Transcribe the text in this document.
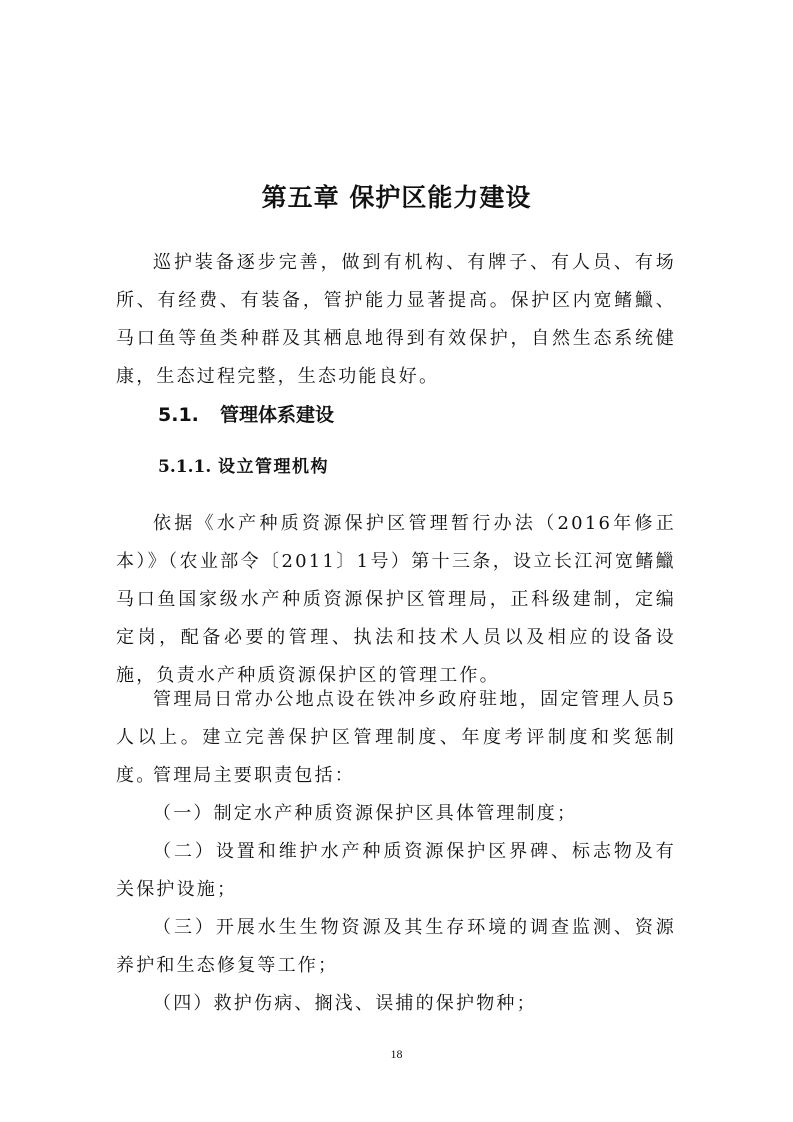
第五章 保护区能力建设

巡护装备逐步完善，做到有机构、有牌子、有人员、有场所、有经费、有装备，管护能力显著提高。保护区内宽鳍鱲、马口鱼等鱼类种群及其栖息地得到有效保护，自然生态系统健康，生态过程完整，生态功能良好。

5.1. 管理体系建设
5.1.1. 设立管理机构

依据《水产种质资源保护区管理暂行办法（2016年修正本）》（农业部令〔2011〕1号）第十三条，设立长江河宽鳍鱲马口鱼国家级水产种质资源保护区管理局，正科级建制，定编定岗，配备必要的管理、执法和技术人员以及相应的设备设施，负责水产种质资源保护区的管理工作。

管理局日常办公地点设在铁冲乡政府驻地，固定管理人员5人以上。建立完善保护区管理制度、年度考评制度和奖惩制度。

管理局主要职责包括：

（一）制定水产种质资源保护区具体管理制度；

（二）设置和维护水产种质资源保护区界碑、标志物及有关保护设施；

（三）开展水生生物资源及其生存环境的调查监测、资源养护和生态修复等工作；

（四）救护伤病、搁浅、误捕的保护物种；

18
